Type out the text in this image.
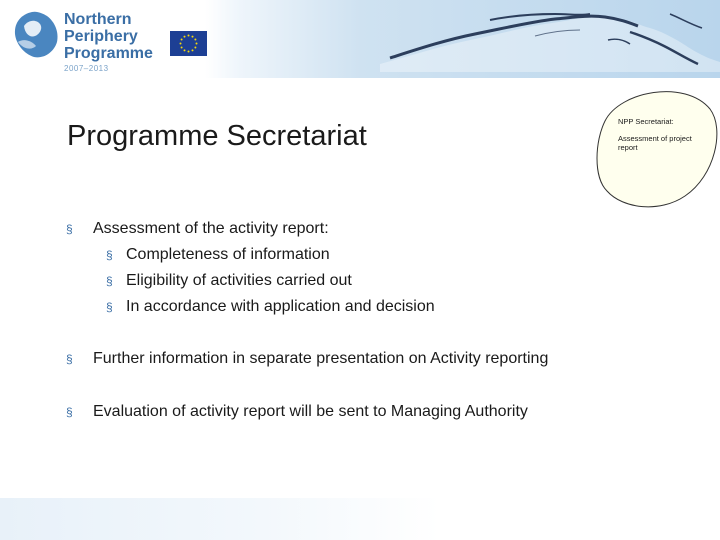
Northern
Periphery
Programme
2007–2013
Programme Secretariat	NPP Secretariat:
Assessment of project report
§ Assessment of the activity report:
§ Completeness of information
§ Eligibility of activities carried out
§ In accordance with application and decision
§ Further information in separate presentation on Activity reporting
§ Evaluation of activity report will be sent to Managing Authority
